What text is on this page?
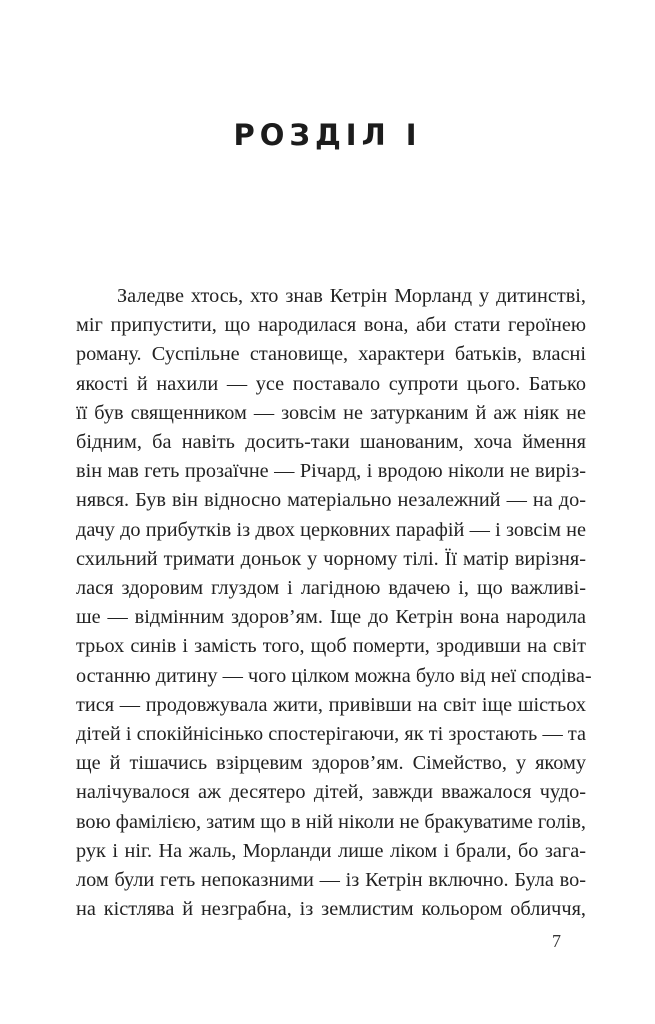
РОЗДІЛ І
Заледве хтось, хто знав Кетрін Морланд у дитинстві,
міг припустити, що народилася вона, аби стати героїнею
роману. Суспільне становище, характери батьків, власні
якості й нахили — усе поставало супроти цього. Батько
її був священником — зовсім не затурканим й аж ніяк не
бідним, ба навіть досить-таки шанованим, хоча ймення
він мав геть прозаїчне — Річард, і вродою ніколи не виріз-
нявся. Був він відносно матеріально незалежний — на до-
дачу до прибутків із двох церковних парафій — і зовсім не
схильний тримати доньок у чорному тілі. Її матір вирізня-
лася здоровим глуздом і лагідною вдачею і, що важливі-
ше — відмінним здоров’ям. Іще до Кетрін вона народила
трьох синів і замість того, щоб померти, зродивши на світ
останню дитину — чого цілком можна було від неї сподіва-
тися — продовжувала жити, привівши на світ іще шістьох
дітей і спокійнісінько спостерігаючи, як ті зростають — та
ще й тішачись взірцевим здоров’ям. Сімейство, у якому
налічувалося аж десятеро дітей, завжди вважалося чудо-
вою фамілією, затим що в ній ніколи не бракуватиме голів,
рук і ніг. На жаль, Морланди лише ліком і брали, бо зага-
лом були геть непоказними — із Кетрін включно. Була во-
на кістлява й незграбна, із землистим кольором обличчя,
7
